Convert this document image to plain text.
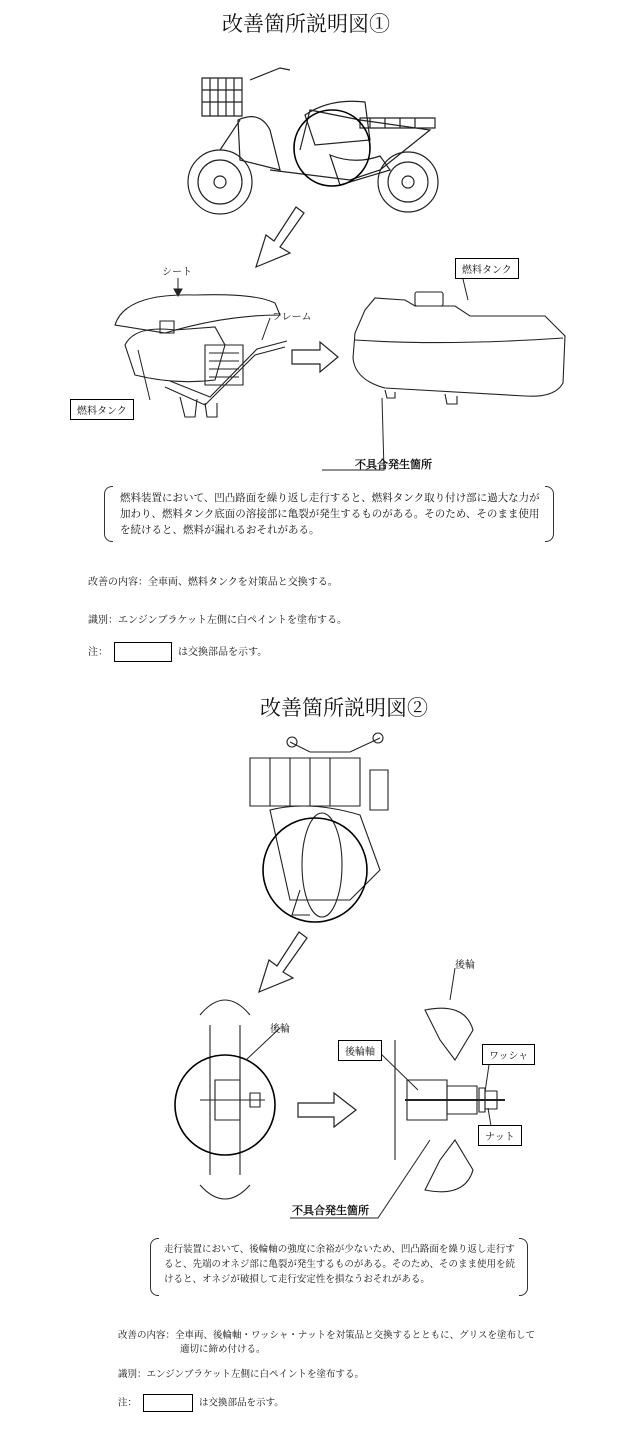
改善箇所説明図①
シート
フレーム
燃料タンク
燃料タンク
不具合発生箇所
燃料装置において、凹凸路面を繰り返し走行すると、燃料タンク取り付け部に過大な力が加わり、燃料タンク底面の溶接部に亀裂が発生するものがある。そのため、そのまま使用を続けると、燃料が漏れるおそれがある。
改善の内容：全車両、燃料タンクを対策品と交換する。
識別：エンジンブラケット左側に白ペイントを塗布する。
注：	は交換部品を示す。
改善箇所説明図②
後輪
後輪
後輪軸	ワッシャ
ナット
不具合発生箇所
走行装置において、後輪軸の強度に余裕が少ないため、凹凸路面を繰り返し走行すると、先端のオネジ部に亀裂が発生するものがある。そのため、そのまま使用を続けると、オネジが破損して走行安定性を損なうおそれがある。
改善の内容：全車両、後輪軸・ワッシャ・ナットを対策品と交換するとともに、グリスを塗布して
適切に締め付ける。
識別：エンジンブラケット左側に白ペイントを塗布する。
注：	は交換部品を示す。
